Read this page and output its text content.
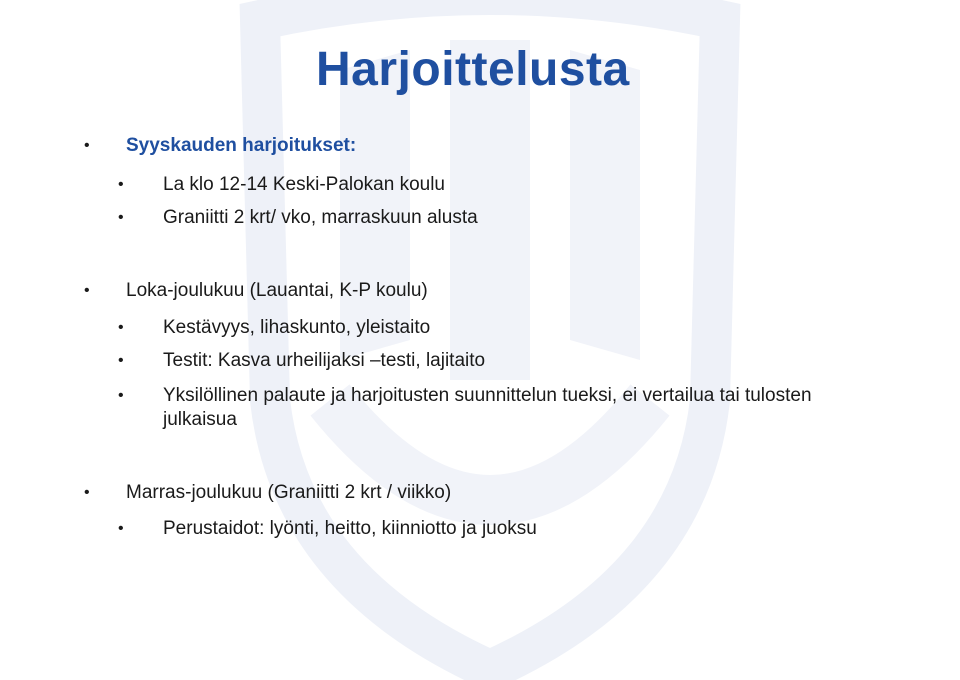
Harjoittelusta

• Syyskauden harjoitukset:

• La klo 12-14 Keski-Palokan koulu

• Graniitti 2 krt/ vko, marraskuun alusta

• Loka-joulukuu (Lauantai, K-P koulu)

• Kestävyys, lihaskunto, yleistaito

• Testit: Kasva urheilijaksi –testi, lajitaito

• Yksilöllinen palaute ja harjoitusten suunnittelun tueksi, ei vertailua tai tulosten julkaisua

• Marras-joulukuu (Graniitti 2 krt / viikko)

• Perustaidot: lyönti, heitto, kiinniotto ja juoksu
